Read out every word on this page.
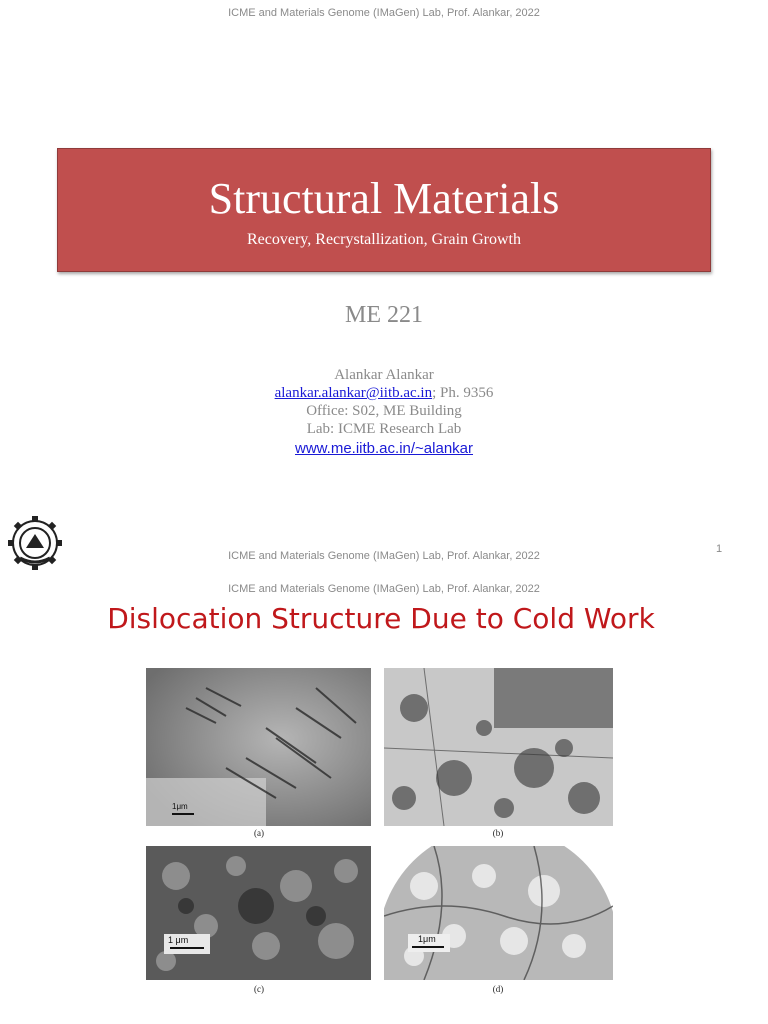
ICME and Materials Genome (IMaGen) Lab, Prof. Alankar, 2022
Structural Materials
Recovery, Recrystallization, Grain Growth
ME 221
Alankar Alankar
alankar.alankar@iitb.ac.in; Ph. 9356
Office: S02, ME Building
Lab: ICME Research Lab
www.me.iitb.ac.in/~alankar
ICME and Materials Genome (IMaGen) Lab, Prof. Alankar, 2022
1
ICME and Materials Genome (IMaGen) Lab, Prof. Alankar, 2022
Dislocation Structure Due to Cold Work
1μm
(a)	(b)
1 μm
(c)
1μm
(d)
